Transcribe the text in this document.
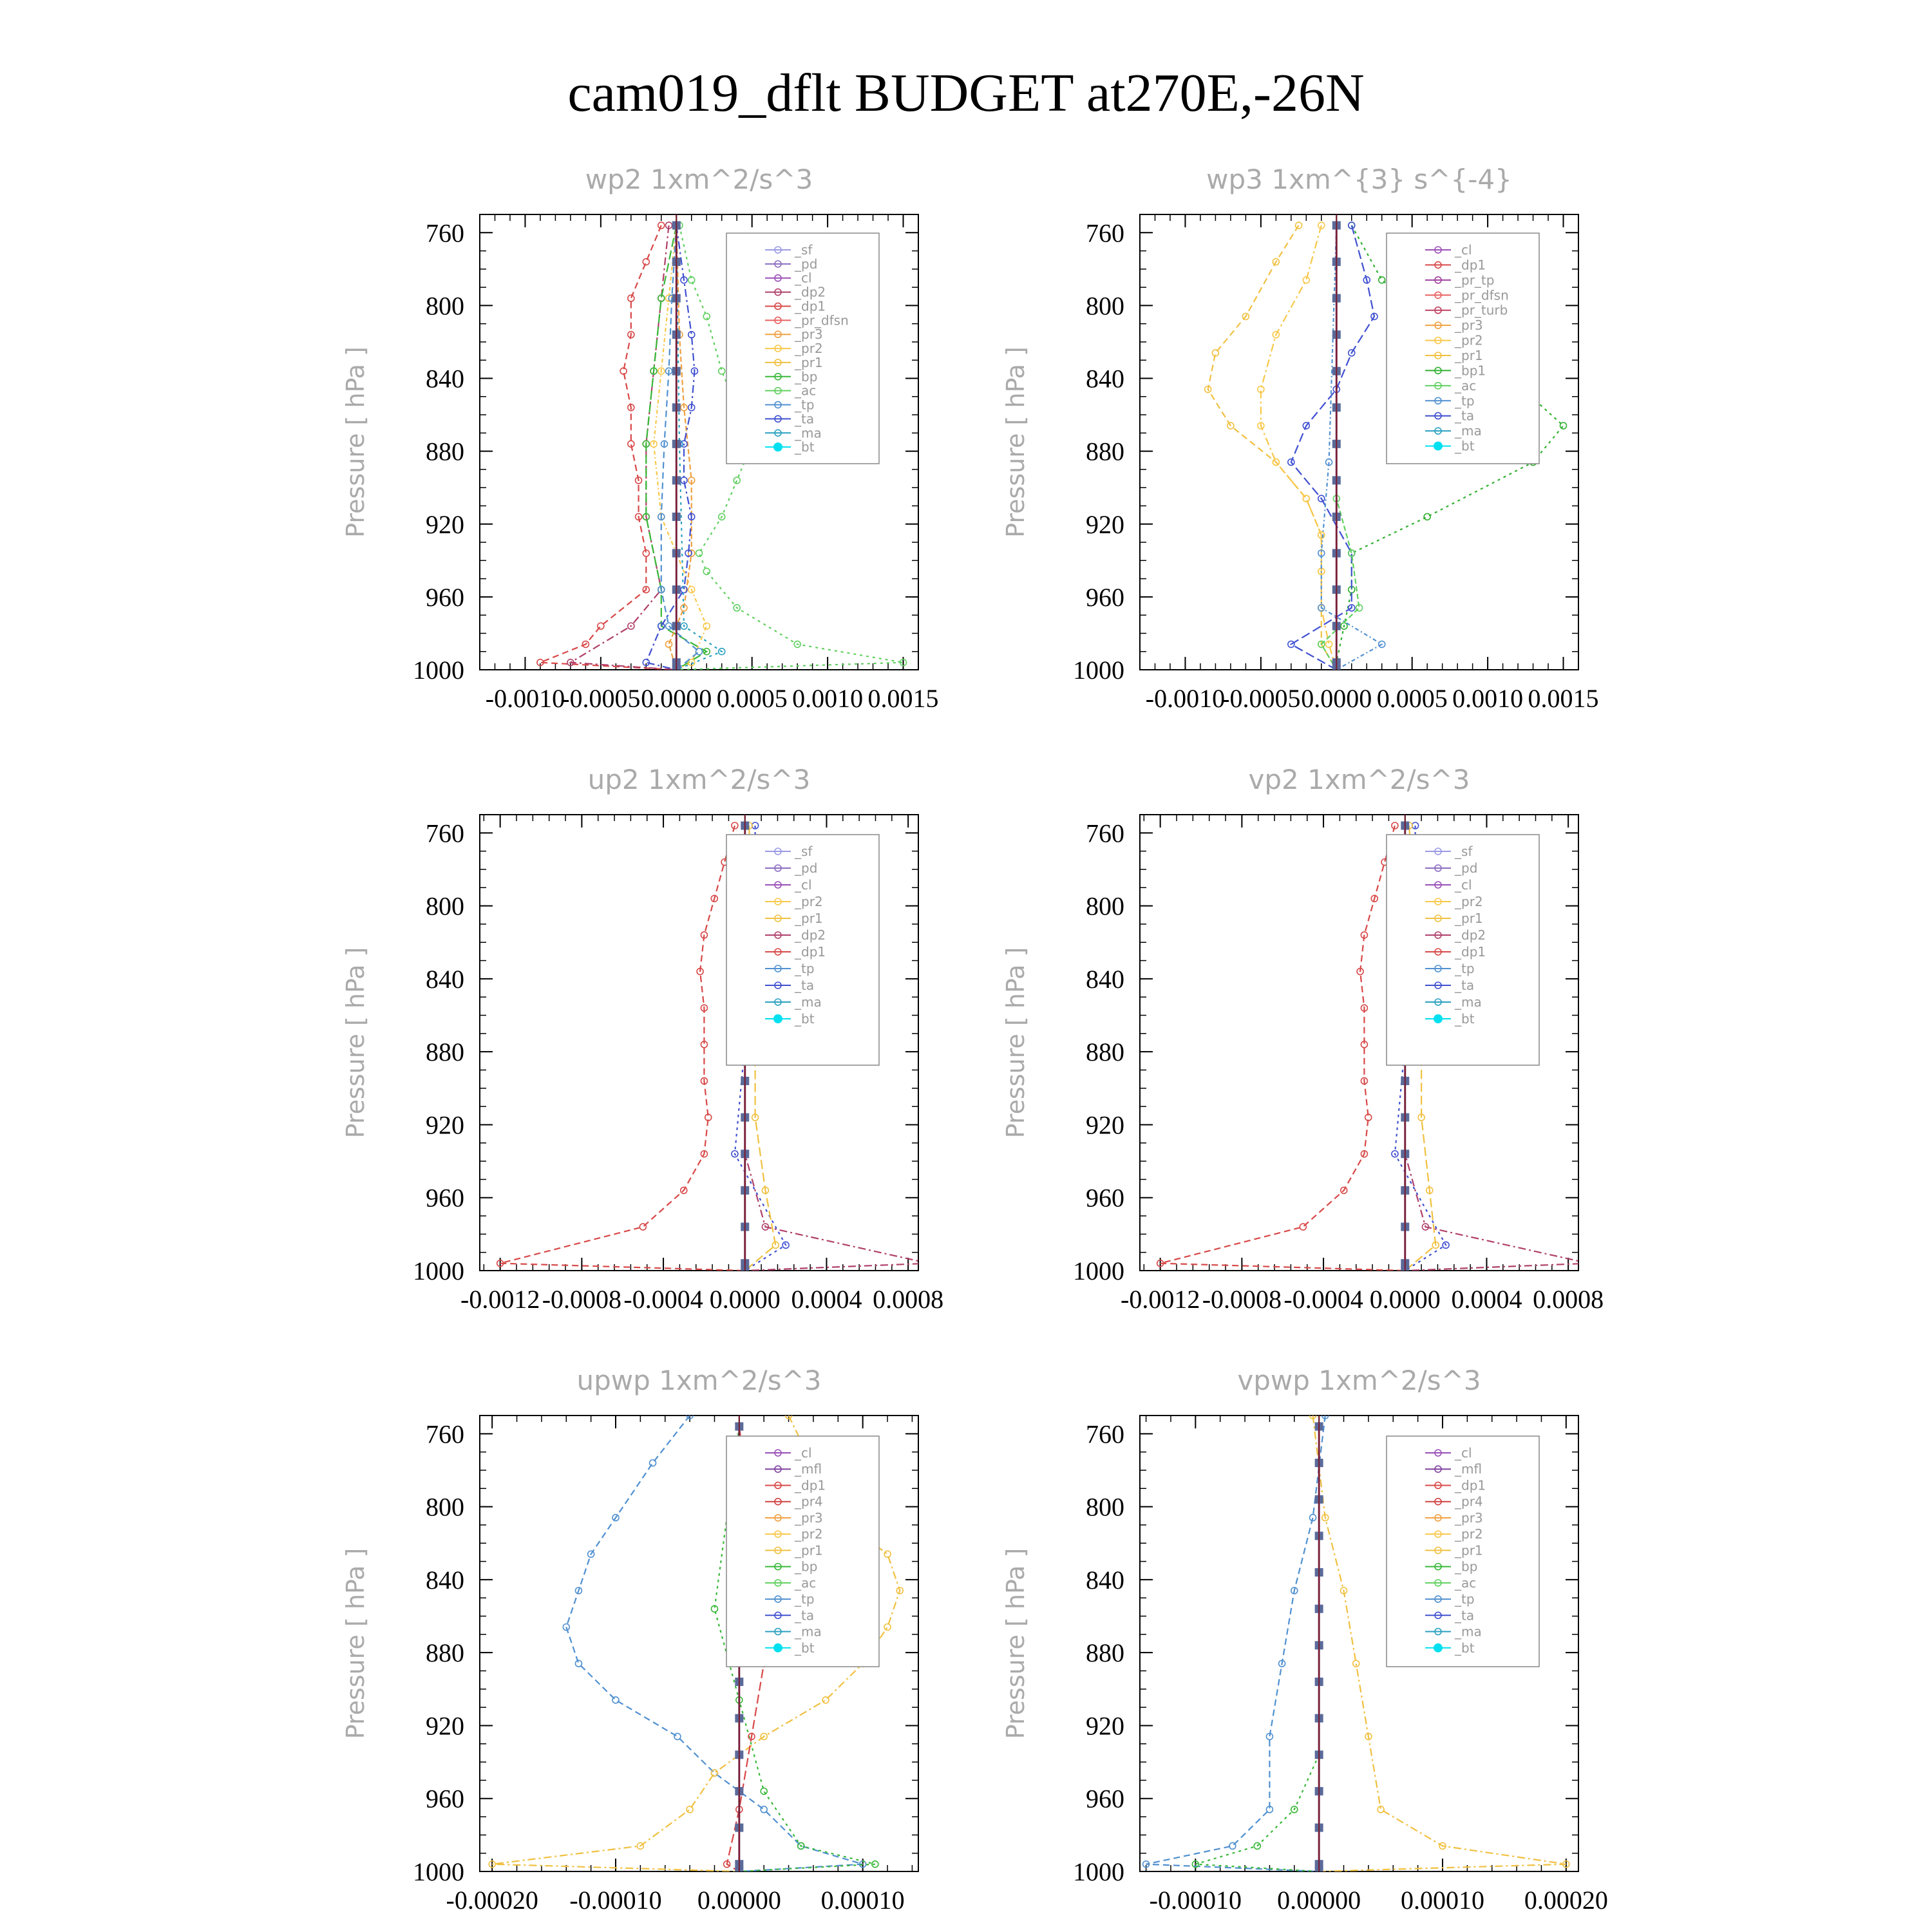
cam019_dflt BUDGET at270E,-26N
760
800
840
880
920
960
1000
-0.0010
-0.0005 0.0000 0.0005 0.0010 0.0015
wp2 1xm^2/s^3
Pressure [ hPa ]
_sf
_pd
_cl
_dp2
_dp1
_pr_dfsn
_pr3
_pr2
_pr1
_bp
_ac
_tp
_ta
_ma
_bt
760
800
840
880
920
960
1000
-0.0010
-0.0005 0.0000 0.0005 0.0010 0.0015
wp3 1xm^{3} s^{-4}
Pressure [ hPa ]
_cl
_dp1
_pr_tp
_pr_dfsn
_pr_turb
_pr3
_pr2
_pr1
_bp1
_ac
_tp
_ta
_ma
_bt
760
800
840
880
920
960
1000
-0.0012 -0.0008 -0.0004 0.0000 0.0004 0.0008
up2 1xm^2/s^3
Pressure [ hPa ]
_sf
_pd
_cl
_pr2
_pr1
_dp2
_dp1
_tp
_ta
_ma
_bt
760
800
840
880
920
960
1000
-0.0012 -0.0008 -0.0004 0.0000 0.0004 0.0008
vp2 1xm^2/s^3
Pressure [ hPa ]
_sf
_pd
_cl
_pr2
_pr1
_dp2
_dp1
_tp
_ta
_ma
_bt
760
800
840
880
920
960
1000
-0.00020 -0.00010 0.00000 0.00010
upwp 1xm^2/s^3
Pressure [ hPa ]
_cl
_mfl
_dp1
_pr4
_pr3
_pr2
_pr1
_bp
_ac
_tp
_ta
_ma
_bt
760
800
840
880
920
960
1000
-0.00010 0.00000 0.00010 0.00020
vpwp 1xm^2/s^3
Pressure [ hPa ]
_cl
_mfl
_dp1
_pr4
_pr3
_pr2
_pr1
_bp
_ac
_tp
_ta
_ma
_bt
